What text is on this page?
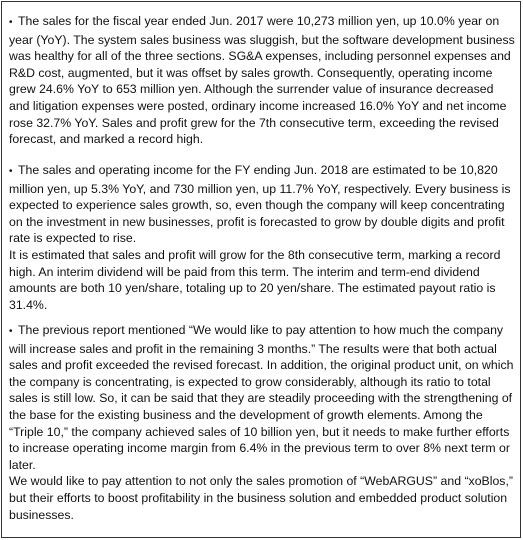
• The sales for the fiscal year ended Jun. 2017 were 10,273 million yen, up 10.0% year on year (YoY). The system sales business was sluggish, but the software development business was healthy for all of the three sections. SG&A expenses, including personnel expenses and R&D cost, augmented, but it was offset by sales growth. Consequently, operating income grew 24.6% YoY to 653 million yen. Although the surrender value of insurance decreased and litigation expenses were posted, ordinary income increased 16.0% YoY and net income rose 32.7% YoY. Sales and profit grew for the 7th consecutive term, exceeding the revised forecast, and marked a record high.

• The sales and operating income for the FY ending Jun. 2018 are estimated to be 10,820 million yen, up 5.3% YoY, and 730 million yen, up 11.7% YoY, respectively. Every business is expected to experience sales growth, so, even though the company will keep concentrating on the investment in new businesses, profit is forecasted to grow by double digits and profit rate is expected to rise.

It is estimated that sales and profit will grow for the 8th consecutive term, marking a record high. An interim dividend will be paid from this term. The interim and term-end dividend amounts are both 10 yen/share, totaling up to 20 yen/share. The estimated payout ratio is 31.4%.

• The previous report mentioned “We would like to pay attention to how much the company will increase sales and profit in the remaining 3 months.” The results were that both actual sales and profit exceeded the revised forecast. In addition, the original product unit, on which the company is concentrating, is expected to grow considerably, although its ratio to total sales is still low. So, it can be said that they are steadily proceeding with the strengthening of the base for the existing business and the development of growth elements. Among the “Triple 10,” the company achieved sales of 10 billion yen, but it needs to make further efforts to increase operating income margin from 6.4% in the previous term to over 8% next term or later.

We would like to pay attention to not only the sales promotion of “WebARGUS” and “xoBlos,” but their efforts to boost profitability in the business solution and embedded product solution businesses.
